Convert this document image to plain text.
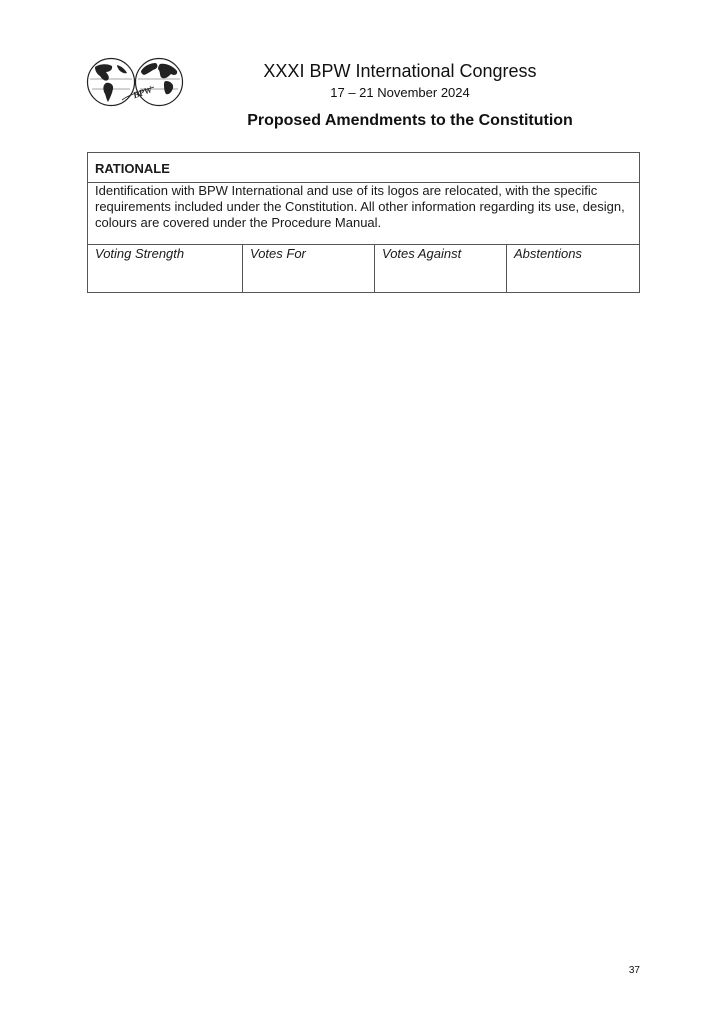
BPW
XXXI BPW International Congress
17 – 21 November 2024
Proposed Amendments to the Constitution
RATIONALE
Identification with BPW International and use of its logos are relocated, with the specific requirements included under the Constitution. All other information regarding its use, design, colours are covered under the Procedure Manual.
Voting Strength	Votes For	Votes Against	Abstentions
37
